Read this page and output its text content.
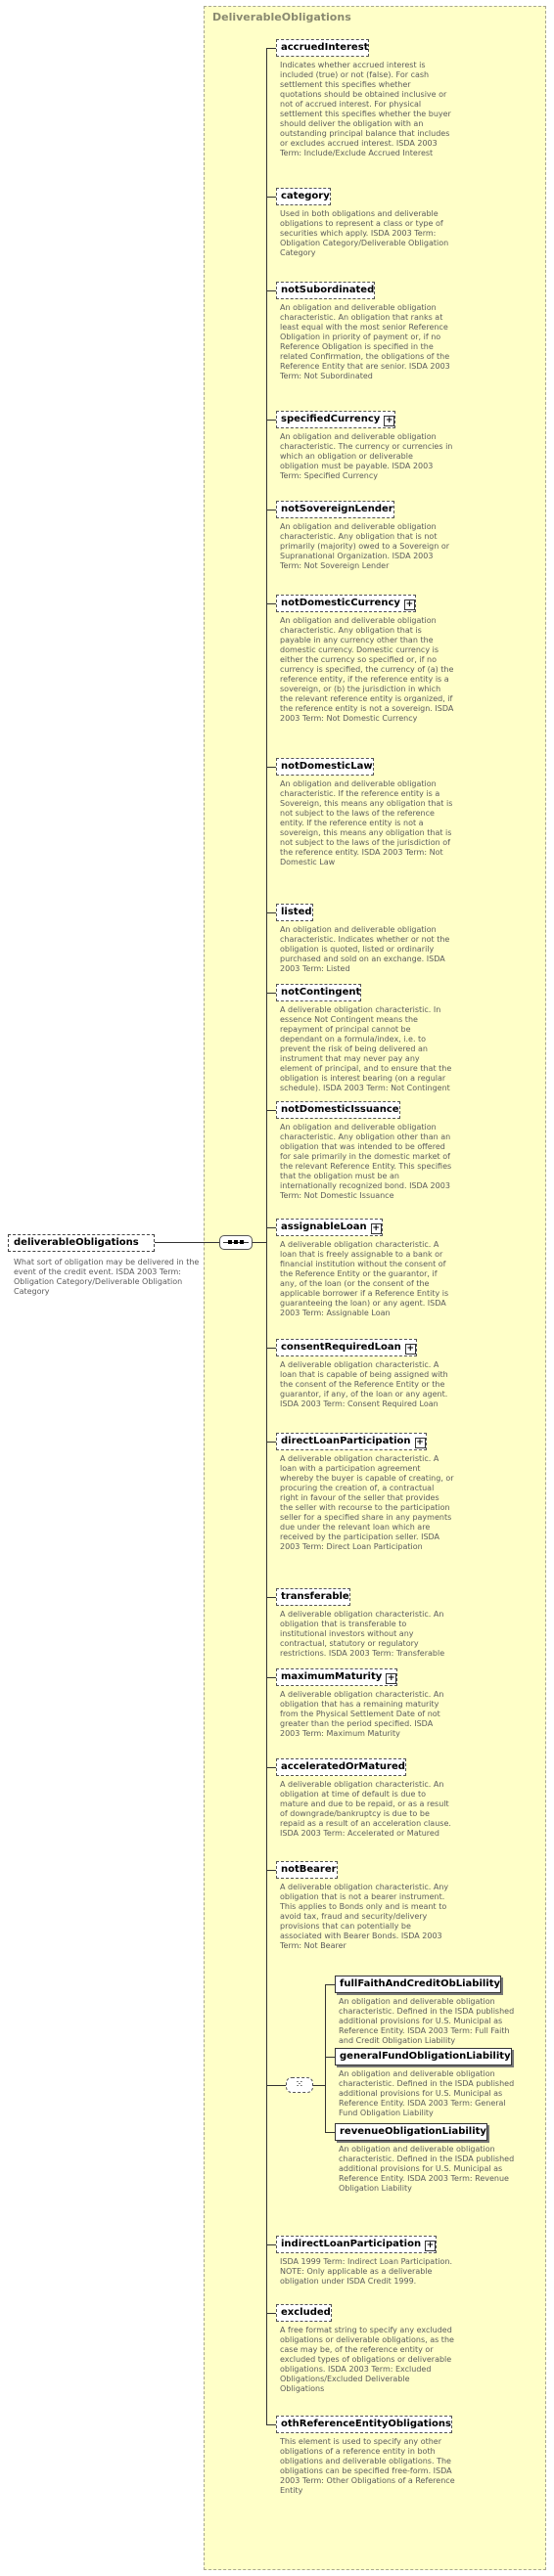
DeliverableObligations
deliverableObligations
What sort of obligation may be delivered in the event of the credit event. ISDA 2003 Term: Obligation Category/Deliverable Obligation Category
accruedInterest
Indicates whether accrued interest is included (true) or not (false). For cash settlement this specifies whether quotations should be obtained inclusive or not of accrued interest. For physical settlement this specifies whether the buyer should deliver the obligation with an outstanding principal balance that includes or excludes accrued interest. ISDA 2003 Term: Include/Exclude Accrued Interest
category
Used in both obligations and deliverable obligations to represent a class or type of securities which apply. ISDA 2003 Term: Obligation Category/Deliverable Obligation Category
notSubordinated
An obligation and deliverable obligation characteristic. An obligation that ranks at least equal with the most senior Reference Obligation in priority of payment or, if no Reference Obligation is specified in the related Confirmation, the obligations of the Reference Entity that are senior. ISDA 2003 Term: Not Subordinated
specifiedCurrency +
An obligation and deliverable obligation characteristic. The currency or currencies in which an obligation or deliverable obligation must be payable. ISDA 2003 Term: Specified Currency
notSovereignLender
An obligation and deliverable obligation characteristic. Any obligation that is not primarily (majority) owed to a Sovereign or Supranational Organization. ISDA 2003 Term: Not Sovereign Lender
notDomesticCurrency +
An obligation and deliverable obligation characteristic. Any obligation that is payable in any currency other than the domestic currency. Domestic currency is either the currency so specified or, if no currency is specified, the currency of (a) the reference entity, if the reference entity is a sovereign, or (b) the jurisdiction in which the relevant reference entity is organized, if the reference entity is not a sovereign. ISDA 2003 Term: Not Domestic Currency
notDomesticLaw
An obligation and deliverable obligation characteristic. If the reference entity is a Sovereign, this means any obligation that is not subject to the laws of the reference entity. If the reference entity is not a sovereign, this means any obligation that is not subject to the laws of the jurisdiction of the reference entity. ISDA 2003 Term: Not Domestic Law
listed
An obligation and deliverable obligation characteristic. Indicates whether or not the obligation is quoted, listed or ordinarily purchased and sold on an exchange. ISDA 2003 Term: Listed
notContingent
A deliverable obligation characteristic. In essence Not Contingent means the repayment of principal cannot be dependant on a formula/index, i.e. to prevent the risk of being delivered an instrument that may never pay any element of principal, and to ensure that the obligation is interest bearing (on a regular schedule). ISDA 2003 Term: Not Contingent
notDomesticIssuance
An obligation and deliverable obligation characteristic. Any obligation other than an obligation that was intended to be offered for sale primarily in the domestic market of the relevant Reference Entity. This specifies that the obligation must be an internationally recognized bond. ISDA 2003 Term: Not Domestic Issuance
assignableLoan +
A deliverable obligation characteristic. A loan that is freely assignable to a bank or financial institution without the consent of the Reference Entity or the guarantor, if any, of the loan (or the consent of the applicable borrower if a Reference Entity is guaranteeing the loan) or any agent. ISDA 2003 Term: Assignable Loan
consentRequiredLoan +
A deliverable obligation characteristic. A loan that is capable of being assigned with the consent of the Reference Entity or the guarantor, if any, of the loan or any agent. ISDA 2003 Term: Consent Required Loan
directLoanParticipation +
A deliverable obligation characteristic. A loan with a participation agreement whereby the buyer is capable of creating, or procuring the creation of, a contractual right in favour of the seller that provides the seller with recourse to the participation seller for a specified share in any payments due under the relevant loan which are received by the participation seller. ISDA 2003 Term: Direct Loan Participation
transferable
A deliverable obligation characteristic. An obligation that is transferable to institutional investors without any contractual, statutory or regulatory restrictions. ISDA 2003 Term: Transferable
maximumMaturity +
A deliverable obligation characteristic. An obligation that has a remaining maturity from the Physical Settlement Date of not greater than the period specified. ISDA 2003 Term: Maximum Maturity
acceleratedOrMatured
A deliverable obligation characteristic. An obligation at time of default is due to mature and due to be repaid, or as a result of downgrade/bankruptcy is due to be repaid as a result of an acceleration clause. ISDA 2003 Term: Accelerated or Matured
notBearer
A deliverable obligation characteristic. Any obligation that is not a bearer instrument. This applies to Bonds only and is meant to avoid tax, fraud and security/delivery provisions that can potentially be associated with Bearer Bonds. ISDA 2003 Term: Not Bearer
⁙
fullFaithAndCreditObLiability
An obligation and deliverable obligation characteristic. Defined in the ISDA published additional provisions for U.S. Municipal as Reference Entity. ISDA 2003 Term: Full Faith and Credit Obligation Liability
generalFundObligationLiability
An obligation and deliverable obligation characteristic. Defined in the ISDA published additional provisions for U.S. Municipal as Reference Entity. ISDA 2003 Term: General Fund Obligation Liability
revenueObligationLiability
An obligation and deliverable obligation characteristic. Defined in the ISDA published additional provisions for U.S. Municipal as Reference Entity. ISDA 2003 Term: Revenue Obligation Liability
indirectLoanParticipation +
ISDA 1999 Term: Indirect Loan Participation. NOTE: Only applicable as a deliverable obligation under ISDA Credit 1999.
excluded
A free format string to specify any excluded obligations or deliverable obligations, as the case may be, of the reference entity or excluded types of obligations or deliverable obligations. ISDA 2003 Term: Excluded Obligations/Excluded Deliverable Obligations
othReferenceEntityObligations
This element is used to specify any other obligations of a reference entity in both obligations and deliverable obligations. The obligations can be specified free-form. ISDA 2003 Term: Other Obligations of a Reference Entity
